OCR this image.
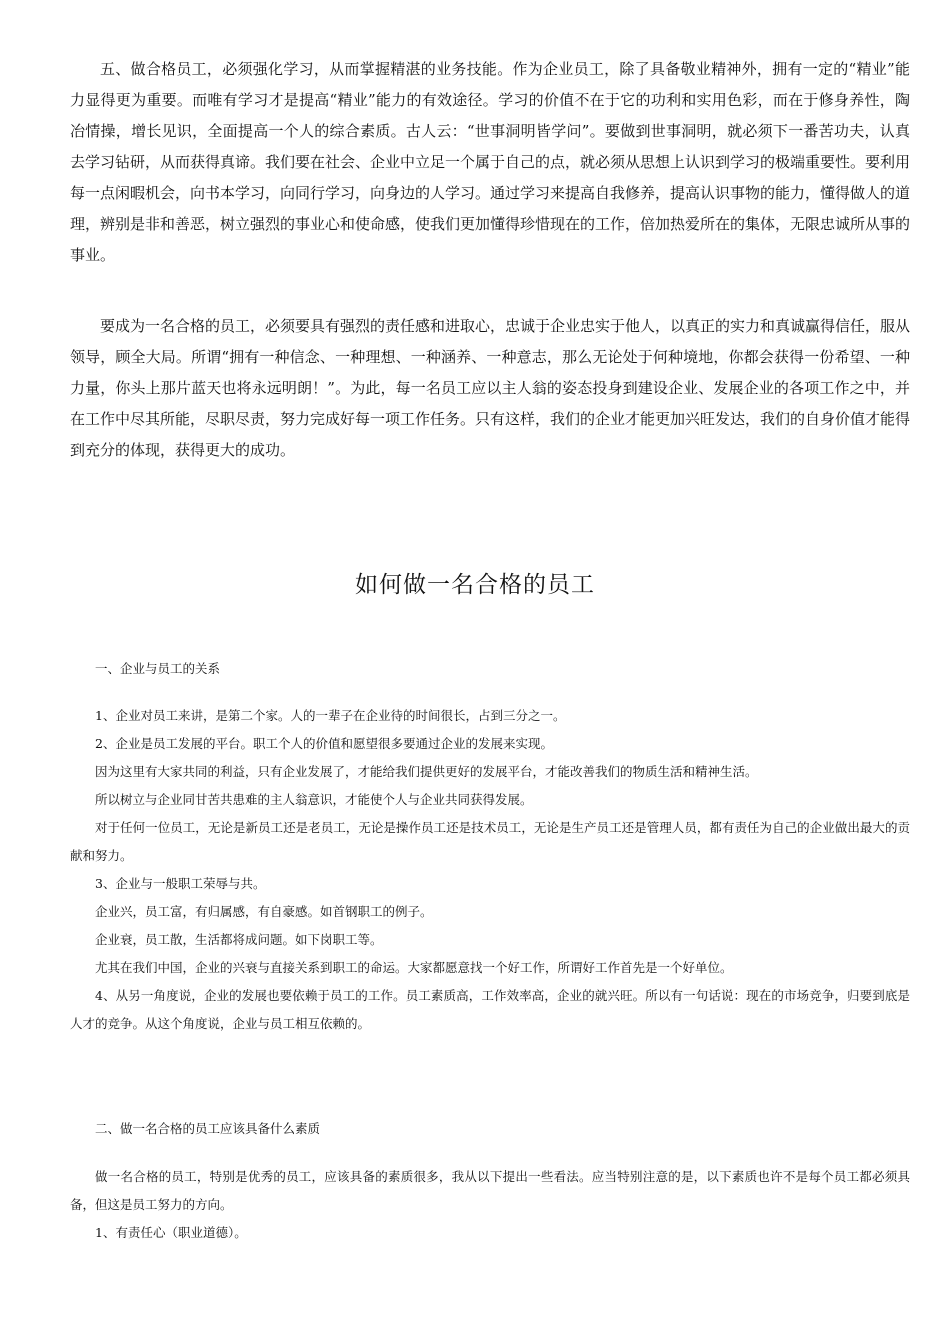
五、做合格员工，必须强化学习，从而掌握精湛的业务技能。作为企业员工，除了具备敬业精神外，拥有一定的“精业”能力显得更为重要。而唯有学习才是提高“精业”能力的有效途径。学习的价值不在于它的功利和实用色彩，而在于修身养性，陶冶情操，增长见识，全面提高一个人的综合素质。古人云：“世事洞明皆学问”。要做到世事洞明，就必须下一番苦功夫，认真去学习钻研，从而获得真谛。我们要在社会、企业中立足一个属于自己的点，就必须从思想上认识到学习的极端重要性。要利用每一点闲暇机会，向书本学习，向同行学习，向身边的人学习。通过学习来提高自我修养，提高认识事物的能力，懂得做人的道理，辨别是非和善恶，树立强烈的事业心和使命感，使我们更加懂得珍惜现在的工作，倍加热爱所在的集体，无限忠诚所从事的事业。

要成为一名合格的员工，必须要具有强烈的责任感和进取心，忠诚于企业忠实于他人，以真正的实力和真诚赢得信任，服从领导，顾全大局。所谓“拥有一种信念、一种理想、一种涵养、一种意志，那么无论处于何种境地，你都会获得一份希望、一种力量，你头上那片蓝天也将永远明朗！”。为此，每一名员工应以主人翁的姿态投身到建设企业、发展企业的各项工作之中，并在工作中尽其所能，尽职尽责，努力完成好每一项工作任务。只有这样，我们的企业才能更加兴旺发达，我们的自身价值才能得到充分的体现，获得更大的成功。

如何做一名合格的员工

一、企业与员工的关系

1、企业对员工来讲，是第二个家。人的一辈子在企业待的时间很长，占到三分之一。

2、企业是员工发展的平台。职工个人的价值和愿望很多要通过企业的发展来实现。

因为这里有大家共同的利益，只有企业发展了，才能给我们提供更好的发展平台，才能改善我们的物质生活和精神生活。

所以树立与企业同甘苦共患难的主人翁意识，才能使个人与企业共同获得发展。

对于任何一位员工，无论是新员工还是老员工，无论是操作员工还是技术员工，无论是生产员工还是管理人员，都有责任为自己的企业做出最大的贡献和努力。

3、企业与一般职工荣辱与共。

企业兴，员工富，有归属感，有自豪感。如首钢职工的例子。

企业衰，员工散，生活都将成问题。如下岗职工等。

尤其在我们中国，企业的兴衰与直接关系到职工的命运。大家都愿意找一个好工作，所谓好工作首先是一个好单位。

4、从另一角度说，企业的发展也要依赖于员工的工作。员工素质高，工作效率高，企业的就兴旺。所以有一句话说：现在的市场竞争，归要到底是人才的竞争。从这个角度说，企业与员工相互依赖的。

二、做一名合格的员工应该具备什么素质

做一名合格的员工，特别是优秀的员工，应该具备的素质很多，我从以下提出一些看法。应当特别注意的是，以下素质也许不是每个员工都必须具备，但这是员工努力的方向。

1、有责任心（职业道德）。
